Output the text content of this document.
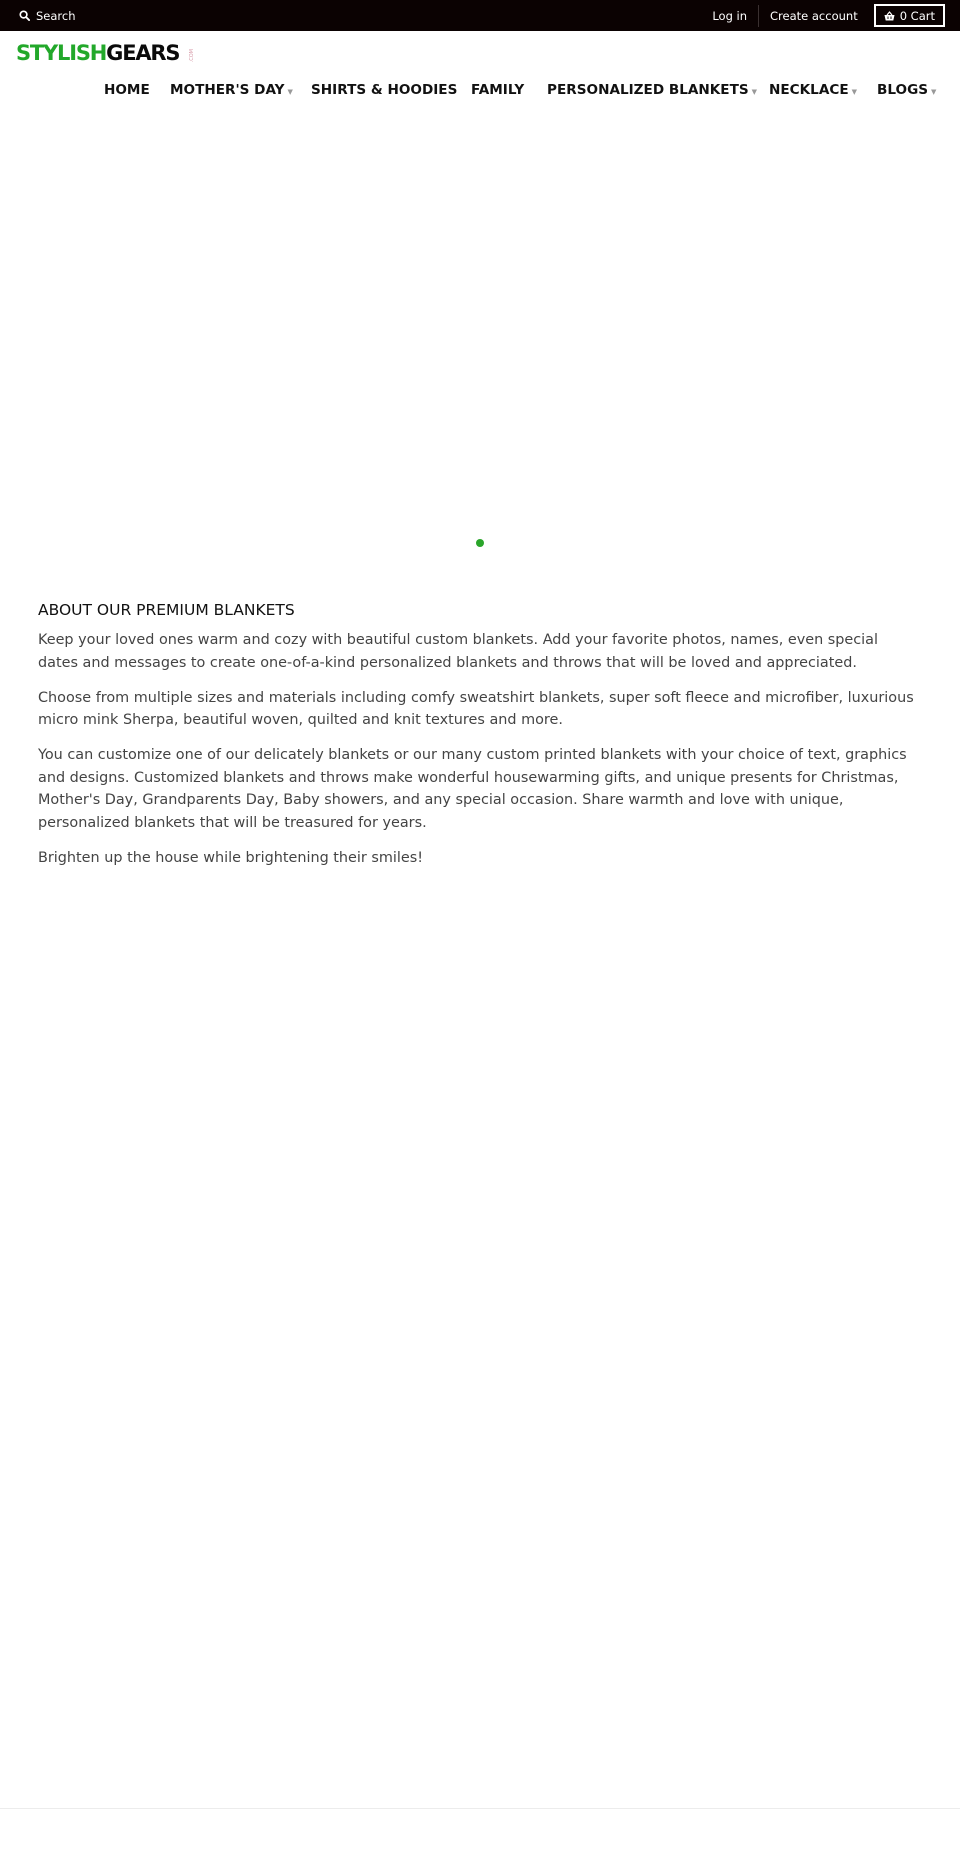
Search	Log in	Create account	0 Cart
STYLISH GEARS	.COM
HOME MOTHER'S DAY ▼ SHIRTS & HOODIES FAMILY PERSONALIZED BLANKETS ▼ NECKLACE ▼ BLOGS ▼
ABOUT OUR PREMIUM BLANKETS

Keep your loved ones warm and cozy with beautiful custom blankets. Add your favorite photos, names, even special dates and messages to create one-of-a-kind personalized blankets and throws that will be loved and appreciated.

Choose from multiple sizes and materials including comfy sweatshirt blankets, super soft fleece and microfiber, luxurious micro mink Sherpa, beautiful woven, quilted and knit textures and more.

You can customize one of our delicately blankets or our many custom printed blankets with your choice of text, graphics and designs. Customized blankets and throws make wonderful housewarming gifts, and unique presents for Christmas, Mother's Day, Grandparents Day, Baby showers, and any special occasion. Share warmth and love with unique, personalized blankets that will be treasured for years.

Brighten up the house while brightening their smiles!
